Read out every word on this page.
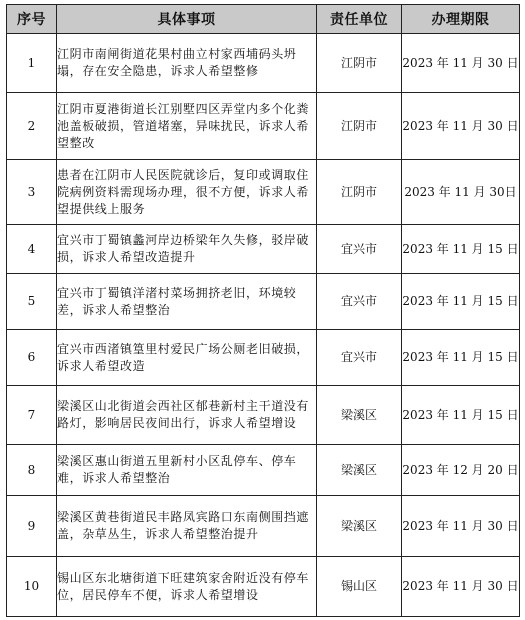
序号	具体事项	责任单位	办理期限
1	江阴市南闸街道花果村曲立村家西埔码头坍塌，存在安全隐患，诉求人希望整修	江阴市	2023 年 11 月 30 日
2	江阴市夏港街道长江别墅四区弄堂内多个化粪池盖板破损，管道堵塞，异味扰民，诉求人希望整改	江阴市	2023 年 11 月 30 日
3	患者在江阴市人民医院就诊后，复印或调取住院病例资料需现场办理，很不方便，诉求人希望提供线上服务	江阴市	2023 年 11 月 30日
4	宜兴市丁蜀镇蠡河岸边桥梁年久失修，驳岸破损，诉求人希望改造提升	宜兴市	2023 年 11 月 15 日
5	宜兴市丁蜀镇洋渚村菜场拥挤老旧，环境较差，诉求人希望整治	宜兴市	2023 年 11 月 15 日
6	宜兴市西渚镇篁里村爱民广场公厕老旧破损，诉求人希望改造	宜兴市	2023 年 11 月 15 日
7	梁溪区山北街道会西社区郁巷新村主干道没有路灯，影响居民夜间出行，诉求人希望增设	梁溪区	2023 年 11 月 15 日
8	梁溪区惠山街道五里新村小区乱停车、停车难，诉求人希望整治	梁溪区	2023 年 12 月 20 日
9	梁溪区黄巷街道民丰路凤宾路口东南侧围挡遮盖，杂草丛生，诉求人希望整治提升	梁溪区	2023 年 11 月 30 日
10	锡山区东北塘街道下旺建筑家舍附近没有停车位，居民停车不便，诉求人希望增设	锡山区	2023 年 11 月 30 日
